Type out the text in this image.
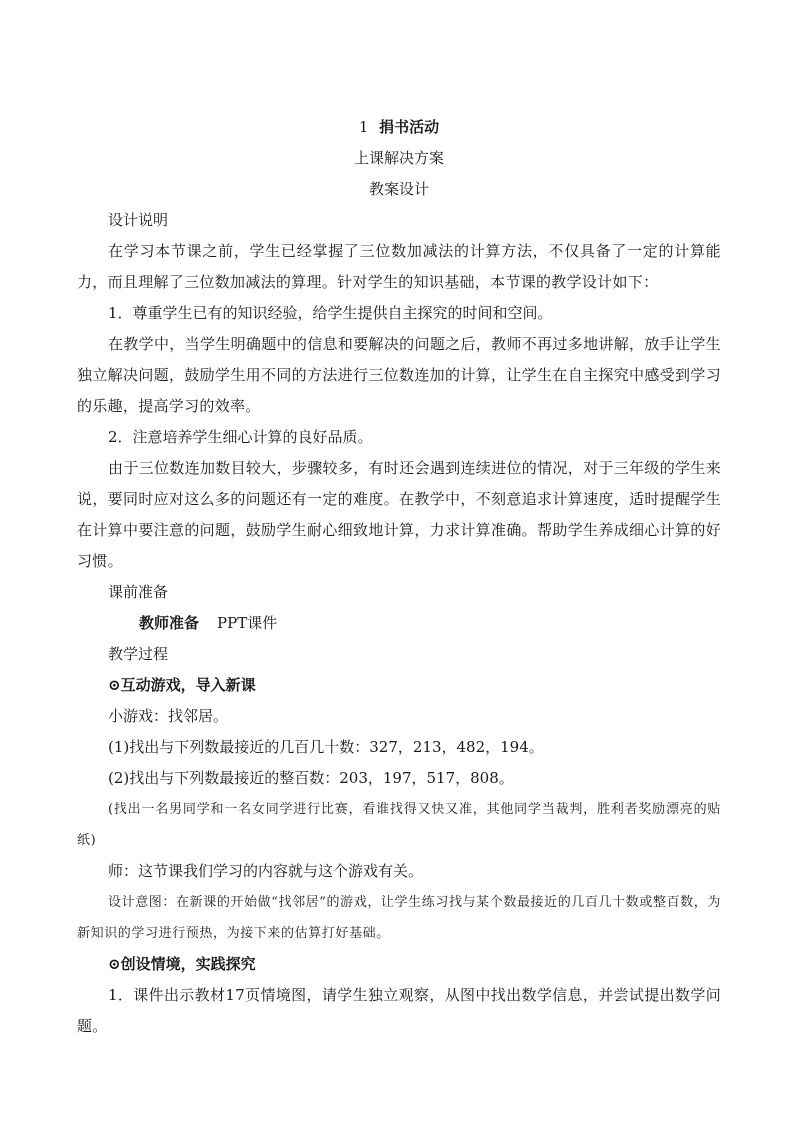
1 捐书活动

上课解决方案

教案设计

设计说明

在学习本节课之前，学生已经掌握了三位数加减法的计算方法，不仅具备了一定的计算能力，而且理解了三位数加减法的算理。针对学生的知识基础，本节课的教学设计如下：

1．尊重学生已有的知识经验，给学生提供自主探究的时间和空间。

在教学中，当学生明确题中的信息和要解决的问题之后，教师不再过多地讲解，放手让学生独立解决问题，鼓励学生用不同的方法进行三位数连加的计算，让学生在自主探究中感受到学习的乐趣，提高学习的效率。

2．注意培养学生细心计算的良好品质。

由于三位数连加数目较大，步骤较多，有时还会遇到连续进位的情况，对于三年级的学生来说，要同时应对这么多的问题还有一定的难度。在教学中，不刻意追求计算速度，适时提醒学生在计算中要注意的问题，鼓励学生耐心细致地计算，力求计算准确。帮助学生养成细心计算的好习惯。

课前准备

教师准备 PPT课件

教学过程

⊙互动游戏，导入新课

小游戏：找邻居。

(1)找出与下列数最接近的几百几十数：327，213，482，194。

(2)找出与下列数最接近的整百数：203，197，517，808。

(找出一名男同学和一名女同学进行比赛，看谁找得又快又准，其他同学当裁判，胜利者奖励漂亮的贴纸)

师：这节课我们学习的内容就与这个游戏有关。

设计意图：在新课的开始做“找邻居”的游戏，让学生练习找与某个数最接近的几百几十数或整百数，为新知识的学习进行预热，为接下来的估算打好基础。

⊙创设情境，实践探究

1．课件出示教材17页情境图，请学生独立观察，从图中找出数学信息，并尝试提出数学问题。
